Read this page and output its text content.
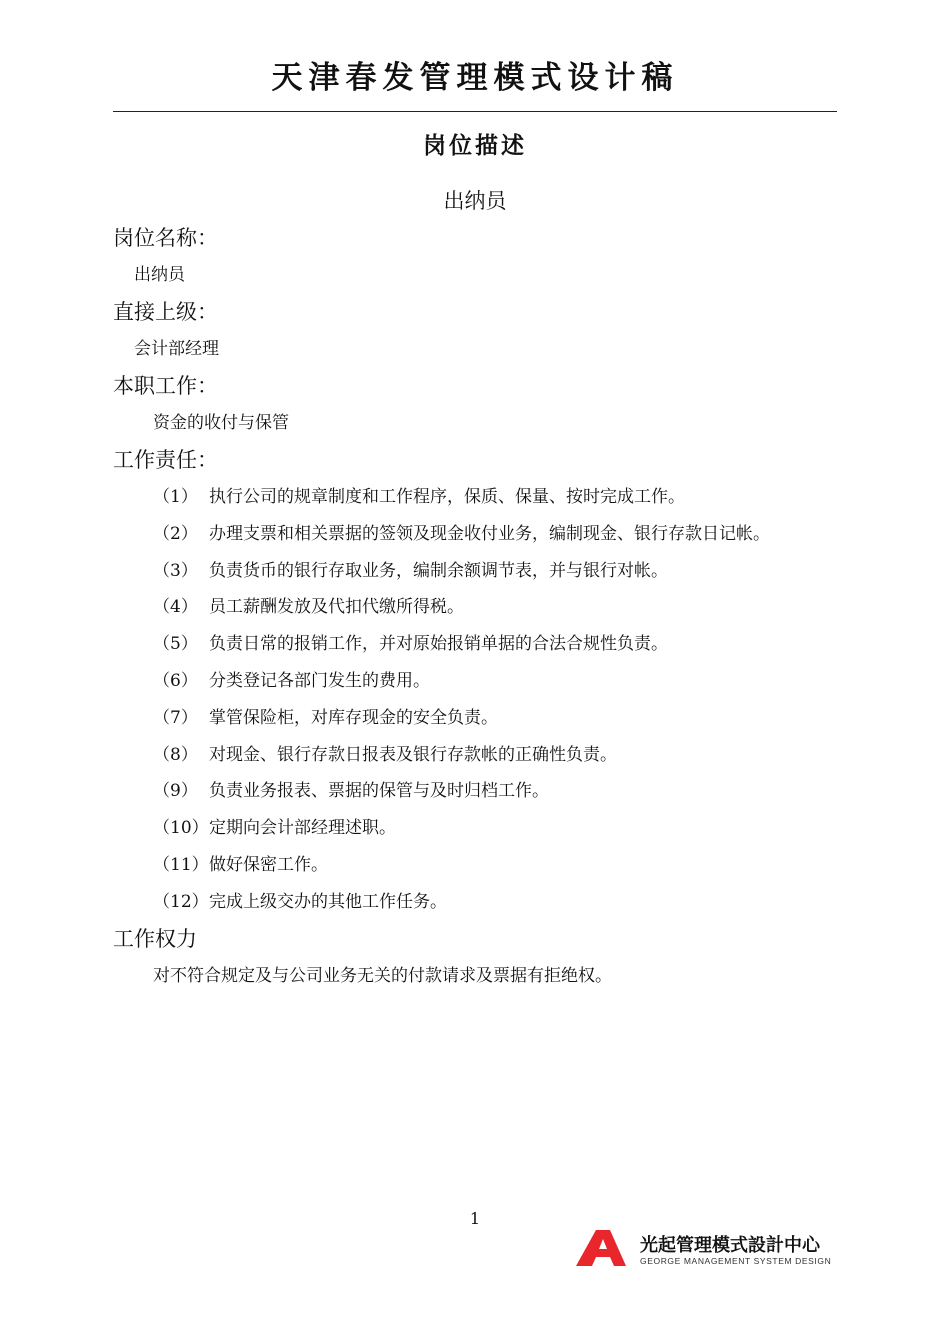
天津春发管理模式设计稿
岗位描述
出纳员
岗位名称：
出纳员
直接上级：
会计部经理
本职工作：
资金的收付与保管
工作责任：
（1） 执行公司的规章制度和工作程序，保质、保量、按时完成工作。
（2） 办理支票和相关票据的签领及现金收付业务，编制现金、银行存款日记帐。
（3） 负责货币的银行存取业务，编制余额调节表，并与银行对帐。
（4） 员工薪酬发放及代扣代缴所得税。
（5） 负责日常的报销工作，并对原始报销单据的合法合规性负责。
（6） 分类登记各部门发生的费用。
（7） 掌管保险柜，对库存现金的安全负责。
（8） 对现金、银行存款日报表及银行存款帐的正确性负责。
（9） 负责业务报表、票据的保管与及时归档工作。
（10） 定期向会计部经理述职。
（11） 做好保密工作。
（12） 完成上级交办的其他工作任务。
工作权力
对不符合规定及与公司业务无关的付款请求及票据有拒绝权。
1
光起管理模式設計中心
GEORGE MANAGEMENT SYSTEM DESIGN
